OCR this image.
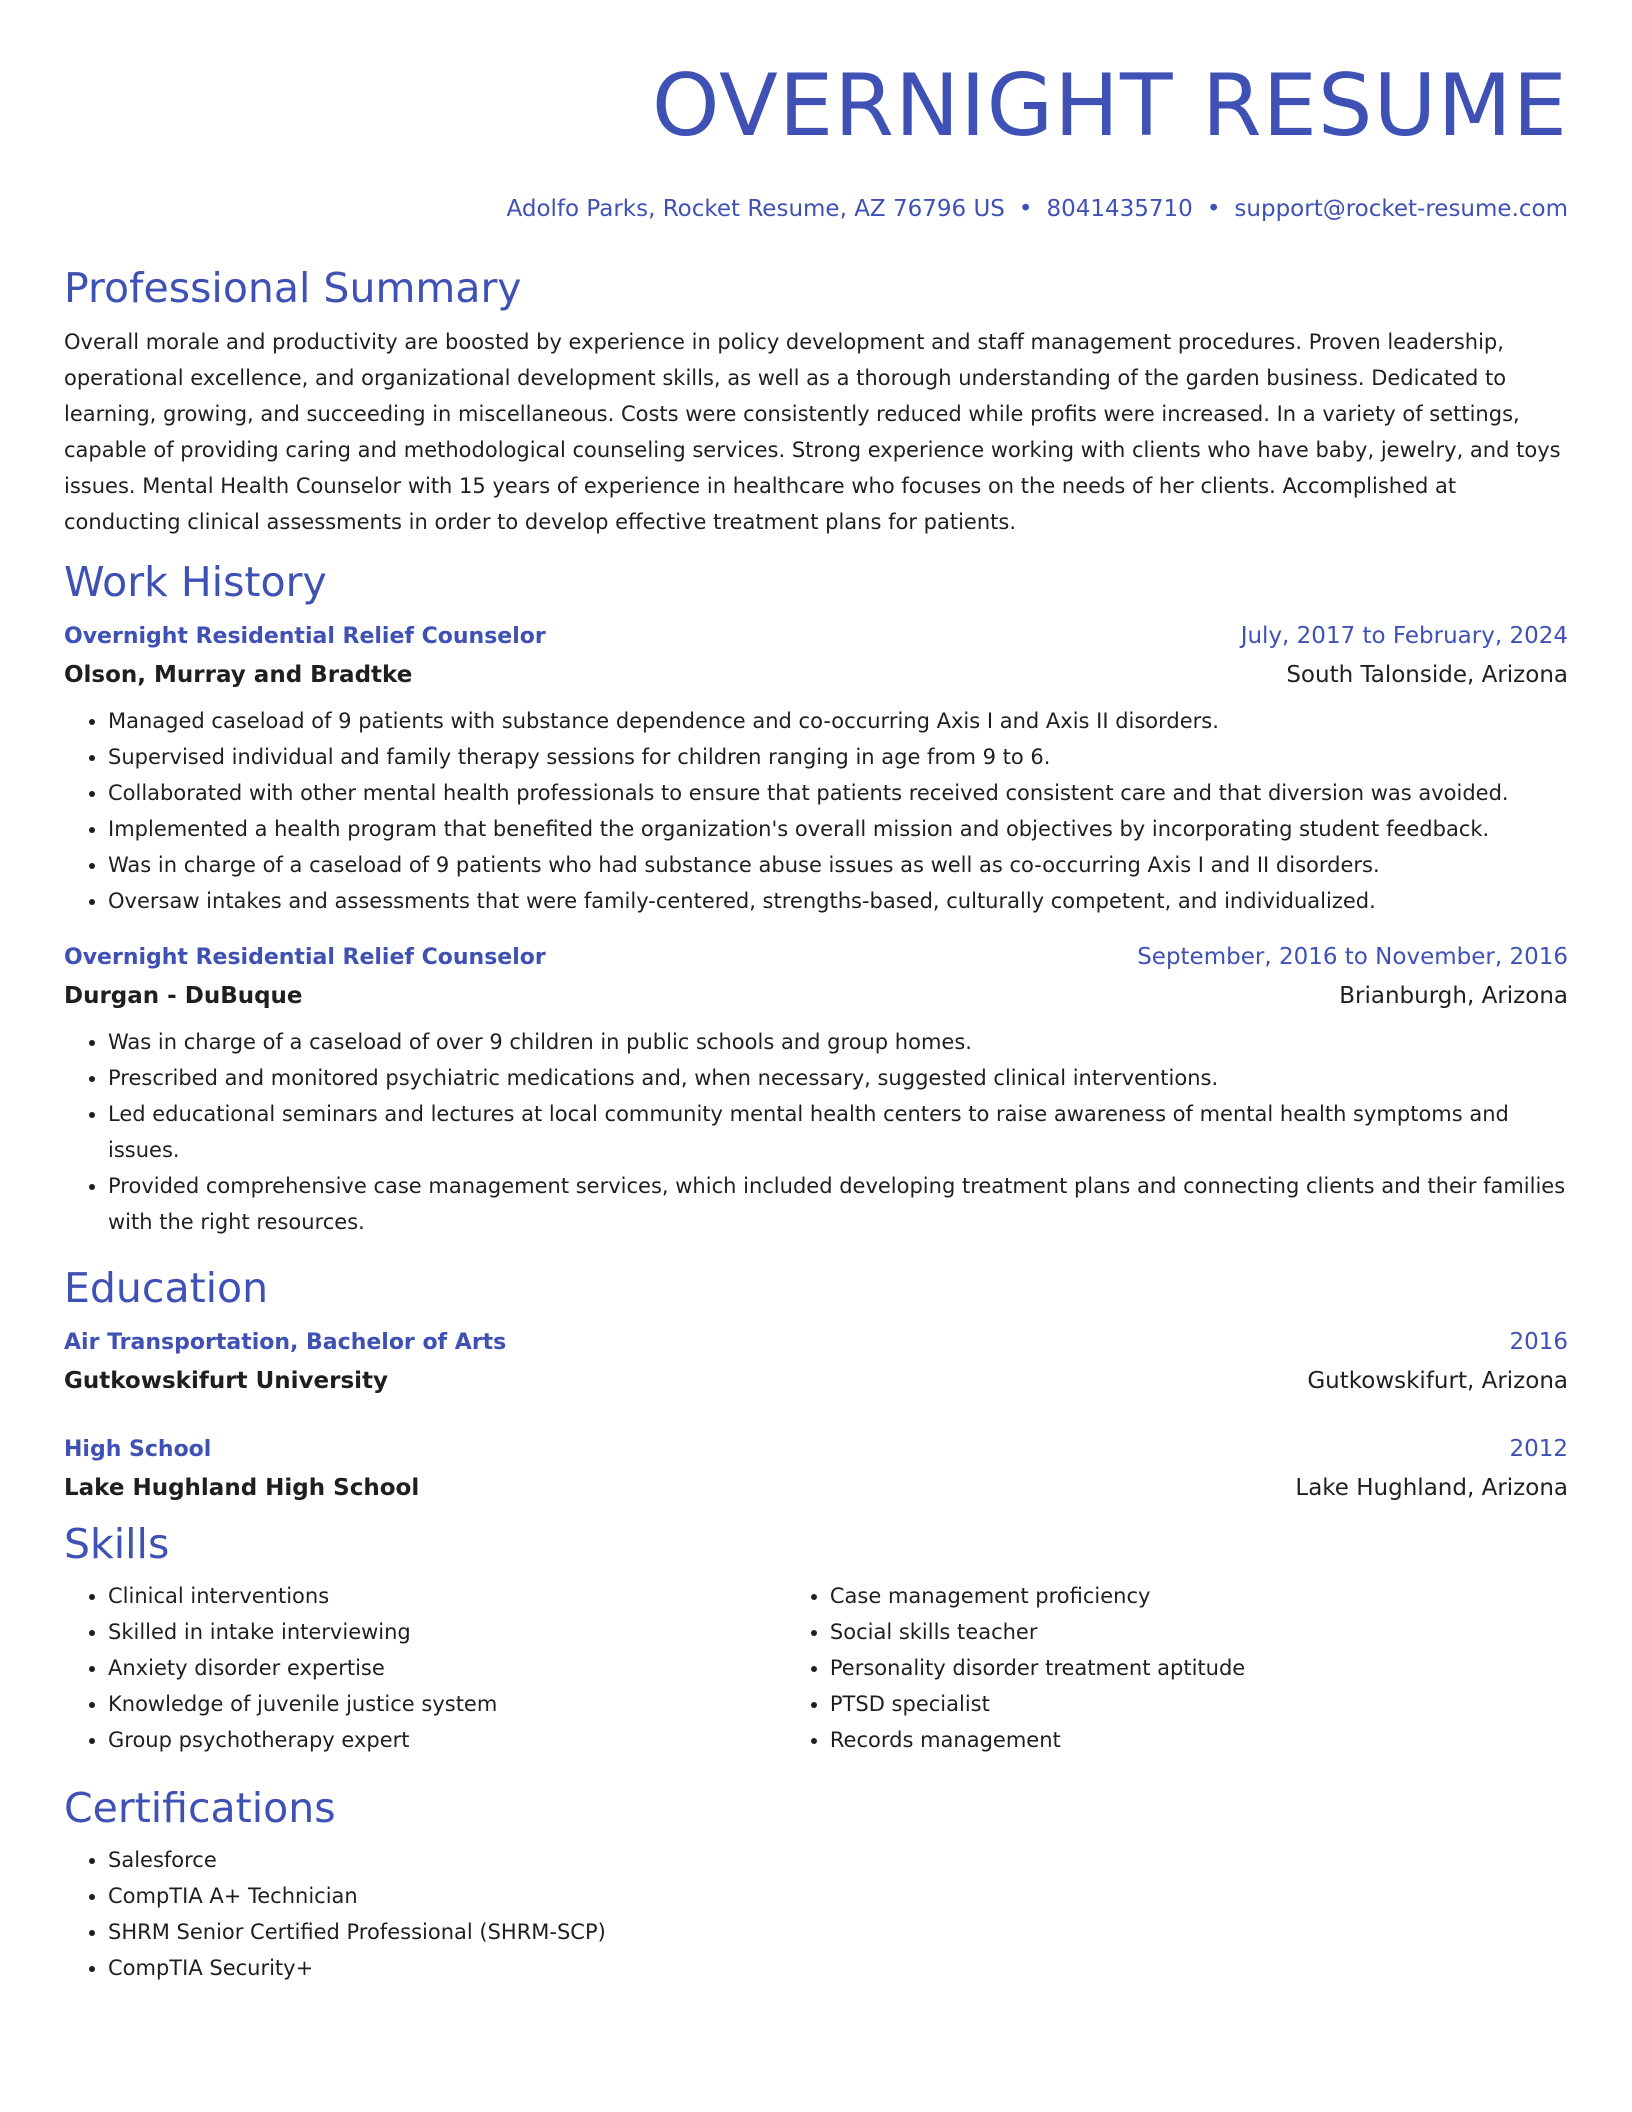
OVERNIGHT RESUME
Adolfo Parks, Rocket Resume, AZ 76796 US • 8041435710 • support@rocket-resume.com
Professional Summary
Overall morale and productivity are boosted by experience in policy development and staff management procedures. Proven leadership, operational excellence, and organizational development skills, as well as a thorough understanding of the garden business. Dedicated to learning, growing, and succeeding in miscellaneous. Costs were consistently reduced while profits were increased. In a variety of settings, capable of providing caring and methodological counseling services. Strong experience working with clients who have baby, jewelry, and toys issues. Mental Health Counselor with 15 years of experience in healthcare who focuses on the needs of her clients. Accomplished at conducting clinical assessments in order to develop effective treatment plans for patients.
Work History
Overnight Residential Relief Counselor	July, 2017 to February, 2024
Olson, Murray and Bradtke	South Talonside, Arizona
• Managed caseload of 9 patients with substance dependence and co-occurring Axis I and Axis II disorders.
• Supervised individual and family therapy sessions for children ranging in age from 9 to 6.
• Collaborated with other mental health professionals to ensure that patients received consistent care and that diversion was avoided.
• Implemented a health program that benefited the organization's overall mission and objectives by incorporating student feedback.
• Was in charge of a caseload of 9 patients who had substance abuse issues as well as co-occurring Axis I and II disorders.
• Oversaw intakes and assessments that were family-centered, strengths-based, culturally competent, and individualized.
Overnight Residential Relief Counselor	September, 2016 to November, 2016
Durgan - DuBuque	Brianburgh, Arizona
• Was in charge of a caseload of over 9 children in public schools and group homes.
• Prescribed and monitored psychiatric medications and, when necessary, suggested clinical interventions.
• Led educational seminars and lectures at local community mental health centers to raise awareness of mental health symptoms and issues.
• Provided comprehensive case management services, which included developing treatment plans and connecting clients and their families with the right resources.
Education
Air Transportation, Bachelor of Arts	2016
Gutkowskifurt University	Gutkowskifurt, Arizona
High School	2012
Lake Hughland High School	Lake Hughland, Arizona
Skills
• Clinical interventions
• Skilled in intake interviewing
• Anxiety disorder expertise
• Knowledge of juvenile justice system
• Group psychotherapy expert
• Case management proficiency
• Social skills teacher
• Personality disorder treatment aptitude
• PTSD specialist
• Records management
Certifications
• Salesforce
• CompTIA A+ Technician
• SHRM Senior Certified Professional (SHRM-SCP)
• CompTIA Security+
